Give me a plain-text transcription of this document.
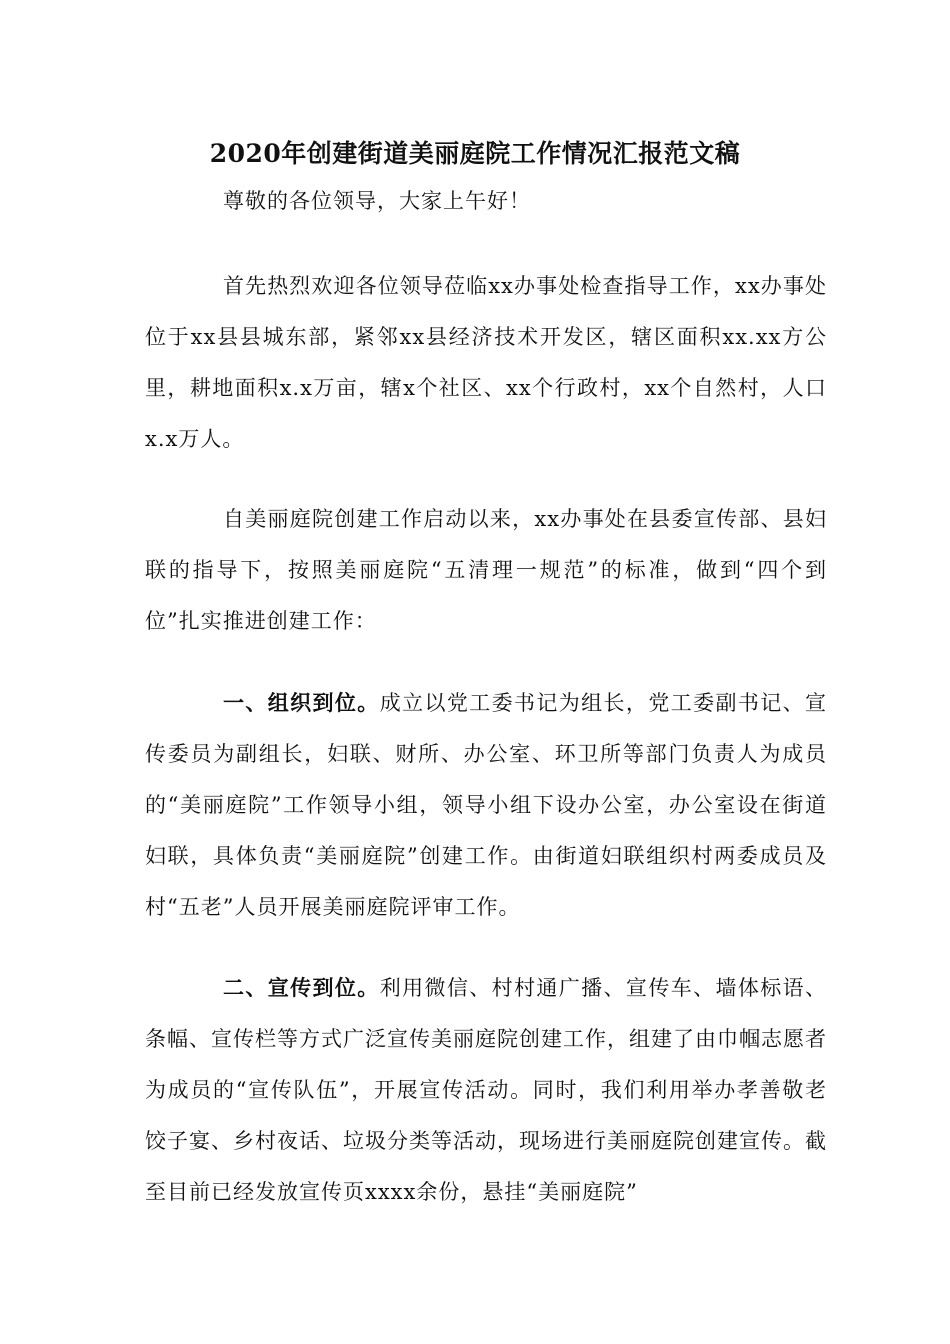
2020年创建街道美丽庭院工作情况汇报范文稿

尊敬的各位领导，大家上午好！

首先热烈欢迎各位领导莅临xx办事处检查指导工作，xx办事处位于xx县县城东部，紧邻xx县经济技术开发区，辖区面积xx.xx方公里，耕地面积x.x万亩，辖x个社区、xx个行政村，xx个自然村，人口x.x万人。

自美丽庭院创建工作启动以来，xx办事处在县委宣传部、县妇联的指导下，按照美丽庭院“五清理一规范”的标准，做到“四个到位”扎实推进创建工作：

一、组织到位。成立以党工委书记为组长，党工委副书记、宣传委员为副组长，妇联、财所、办公室、环卫所等部门负责人为成员的“美丽庭院”工作领导小组，领导小组下设办公室，办公室设在街道妇联，具体负责“美丽庭院”创建工作。由街道妇联组织村两委成员及村“五老”人员开展美丽庭院评审工作。

二、宣传到位。利用微信、村村通广播、宣传车、墙体标语、条幅、宣传栏等方式广泛宣传美丽庭院创建工作，组建了由巾帼志愿者为成员的“宣传队伍”，开展宣传活动。同时，我们利用举办孝善敬老饺子宴、乡村夜话、垃圾分类等活动，现场进行美丽庭院创建宣传。截至目前已经发放宣传页xxxx余份，悬挂“美丽庭院”
